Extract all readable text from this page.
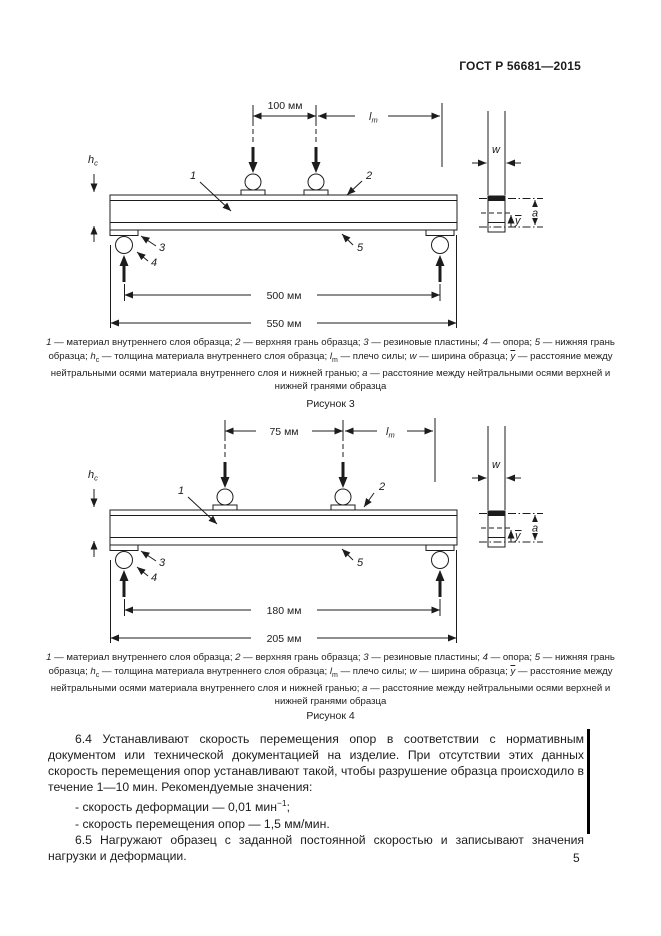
ГОСТ Р 56681—2015
100 мм
$l_m$
$h_c$
1	2
3
4
5
500 мм
550 мм
w
a
y

1 — материал внутреннего слоя образца; 2 — верхняя грань образца; 3 — резиновые пластины; 4 — опора; 5 — нижняя грань образца; $h_c$ — толщина материала внутреннего слоя образца; $l_m$ — плечо силы; w — ширина образца; $\overline{y}$ — расстояние между нейтральными осями материала внутреннего слоя и нижней гранью; a — расстояние между нейтральными осями верхней и нижней гранями образца

Рисунок 3
75 мм	$l_m$
$h_c$
1	2
3
4
5
180 мм
205 мм
w
a
y

1 — материал внутреннего слоя образца; 2 — верхняя грань образца; 3 — резиновые пластины; 4 — опора; 5 — нижняя грань образца; $h_c$ — толщина материала внутреннего слоя образца; $l_m$ — плечо силы; w — ширина образца; $\overline{y}$ — расстояние между нейтральными осями материала внутреннего слоя и нижней гранью; a — расстояние между нейтральными осями верхней и нижней гранями образца

Рисунок 4

6.4 Устанавливают скорость перемещения опор в соответствии с нормативным документом или технической документацией на изделие. При отсутствии этих данных скорость перемещения опор устанавливают такой, чтобы разрушение образца происходило в течение 1—10 мин. Рекомендуемые значения:

- скорость деформации — 0,01 мин$^{-1}$;

- скорость перемещения опор — 1,5 мм/мин.

6.5 Нагружают образец с заданной постоянной скоростью и записывают значения нагрузки и деформации.	5
